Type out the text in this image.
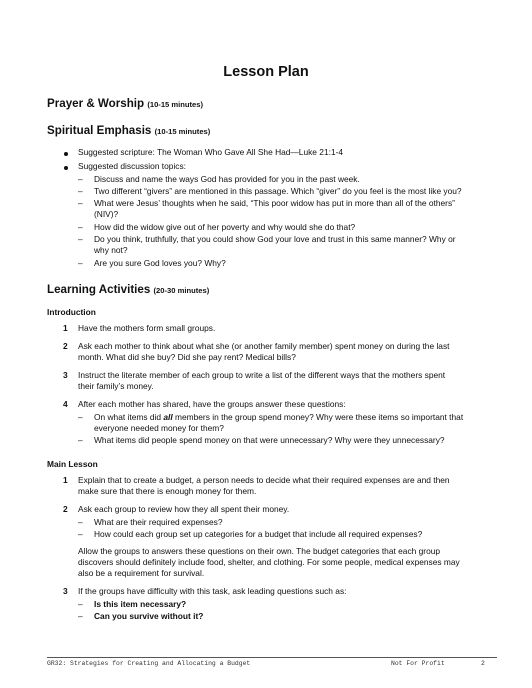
Lesson Plan
Prayer & Worship (10-15 minutes)
Spiritual Emphasis (10-15 minutes)
Suggested scripture: The Woman Who Gave All She Had—Luke 21:1-4
Suggested discussion topics:
– Discuss and name the ways God has provided for you in the past week.
– Two different “givers” are mentioned in this passage. Which “giver” do you feel is the most like you?
– What were Jesus’ thoughts when he said, “This poor widow has put in more than all of the others”
(NIV)?
– How did the widow give out of her poverty and why would she do that?
– Do you think, truthfully, that you could show God your love and trust in this same manner? Why or
why not?
– Are you sure God loves you? Why?
Learning Activities (20-30 minutes)
Introduction
1 Have the mothers form small groups.
2 Ask each mother to think about what she (or another family member) spent money on during the last
month. What did she buy? Did she pay rent? Medical bills?
3 Instruct the literate member of each group to write a list of the different ways that the mothers spent
their family’s money.
4 After each mother has shared, have the groups answer these questions:
– On what items did all members in the group spend money? Why were these items so important that
everyone needed money for them?
– What items did people spend money on that were unnecessary? Why were they unnecessary?
Main Lesson
1 Explain that to create a budget, a person needs to decide what their required expenses are and then
make sure that there is enough money for them.
2 Ask each group to review how they all spent their money.
– What are their required expenses?
– How could each group set up categories for a budget that include all required expenses?
Allow the groups to answers these questions on their own. The budget categories that each group
discovers should definitely include food, shelter, and clothing. For some people, medical expenses may
also be a requirement for survival.
3 If the groups have difficulty with this task, ask leading questions such as:
– Is this item necessary?
– Can you survive without it?
GR32: Strategies for Creating and Allocating a Budget	Not For Profit	2
